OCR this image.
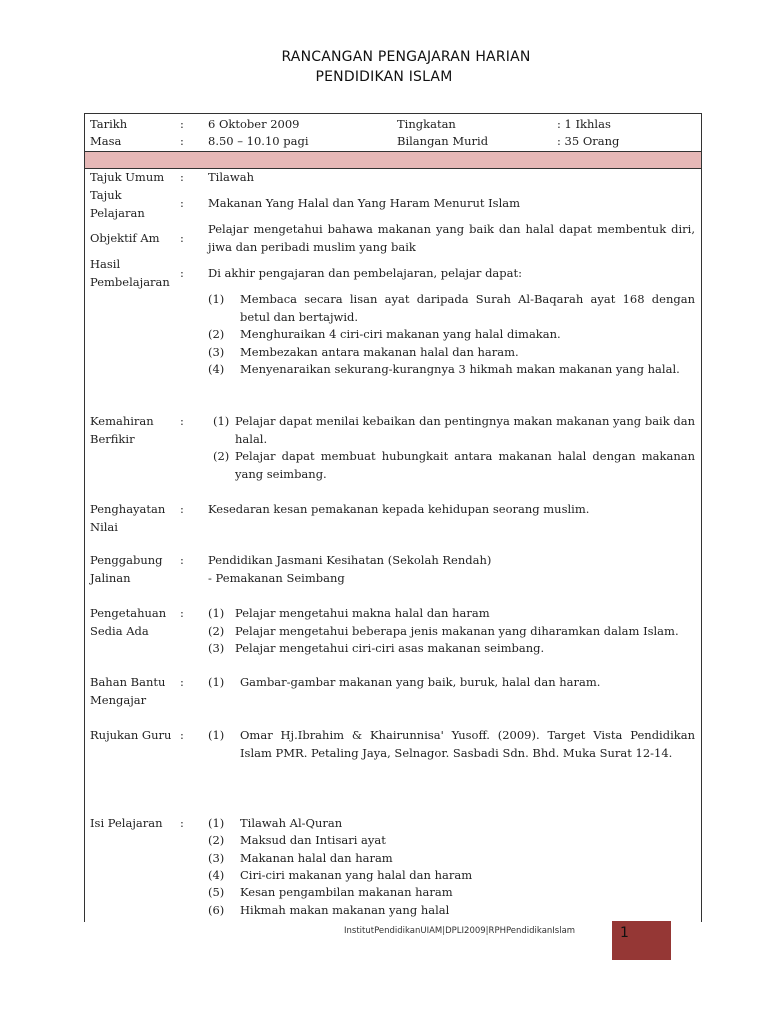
RANCANGAN PENGAJARAN HARIAN
PENDIDIKAN ISLAM
Tarikh	: 6 Oktober 2009	Tingkatan	: 1 Ikhlas
Masa	: 8.50 – 10.10 pagi	Bilangan Murid	: 35 Orang
Tajuk Umum	: Tilawah
Tajuk Pelajaran
: Makanan Yang Halal dan Yang Haram Menurut Islam
Objektif Am	:
Pelajar mengetahui bahawa makanan yang baik dan halal dapat membentuk diri, jiwa dan peribadi muslim yang baik
Hasil Pembelajaran
: Di akhir pengajaran dan pembelajaran, pelajar dapat:
(1)	Membaca secara lisan ayat daripada Surah Al-Baqarah ayat 168 dengan betul dan bertajwid.
(2)	Menghuraikan 4 ciri-ciri makanan yang halal dimakan.
(3)	Membezakan antara makanan halal dan haram.
(4)	Menyenaraikan sekurang-kurangnya 3 hikmah makan makanan yang halal.
Kemahiran Berfikir
:	(1) Pelajar dapat menilai kebaikan dan pentingnya makan makanan yang baik dan halal.
(2) Pelajar dapat membuat hubungkait antara makanan halal dengan makanan yang seimbang.
Penghayatan Nilai
: Kesedaran kesan pemakanan kepada kehidupan seorang muslim.
Penggabung Jalinan
: Pendidikan Jasmani Kesihatan (Sekolah Rendah)
- Pemakanan Seimbang
Pengetahuan Sedia Ada
: (1) Pelajar mengetahui makna halal dan haram
(2) Pelajar mengetahui beberapa jenis makanan yang diharamkan dalam Islam.
(3) Pelajar mengetahui ciri-ciri asas makanan seimbang.
Bahan Bantu Mengajar
: (1)	Gambar-gambar makanan yang baik, buruk, halal dan haram.
Rujukan Guru : (1)	Omar Hj.Ibrahim & Khairunnisa' Yusoff. (2009). Target Vista Pendidikan Islam PMR. Petaling Jaya, Selnagor. Sasbadi Sdn. Bhd. Muka Surat 12-14.
Isi Pelajaran	: (1)	Tilawah Al-Quran
(2)	Maksud dan Intisari ayat
(3)	Makanan halal dan haram
(4)	Ciri-ciri makanan yang halal dan haram
(5)	Kesan pengambilan makanan haram
(6)	Hikmah makan makanan yang halal
InstitutPendidikanUIAM|DPLI2009|RPHPendidikanIslam	1
